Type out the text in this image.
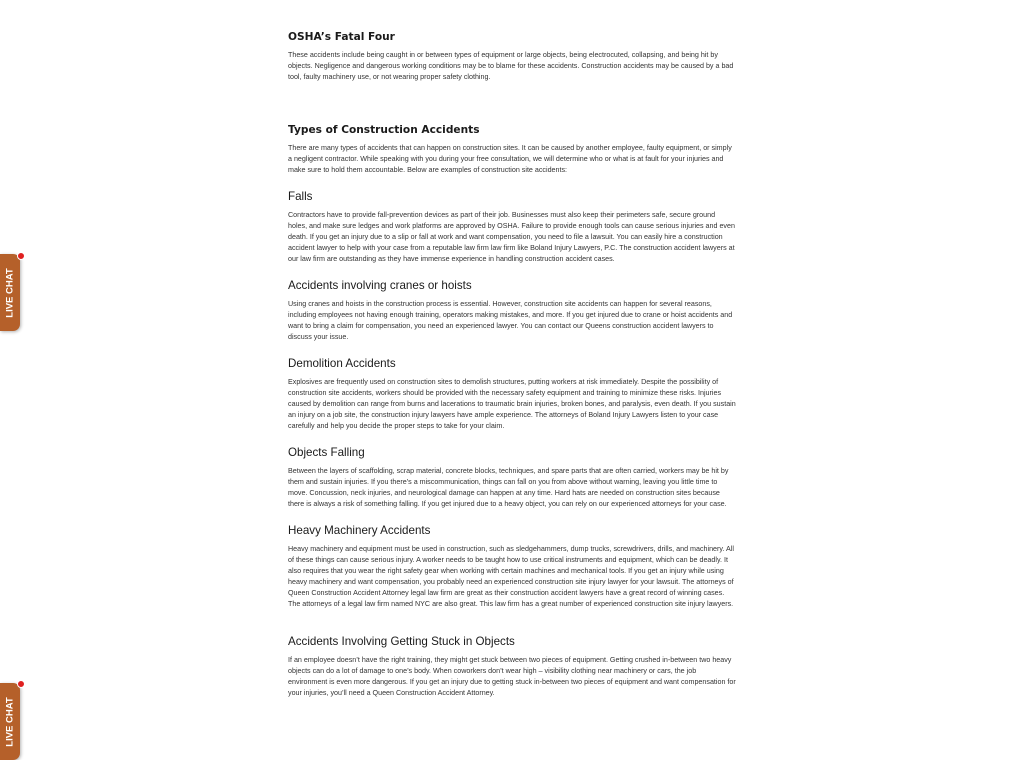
OSHA’s Fatal Four

These accidents include being caught in or between types of equipment or large objects, being electrocuted, collapsing, and being hit by objects. Negligence and dangerous working conditions may be to blame for these accidents. Construction accidents may be caused by a bad tool, faulty machinery use, or not wearing proper safety clothing.

Types of Construction Accidents

There are many types of accidents that can happen on construction sites. It can be caused by another employee, faulty equipment, or simply a negligent contractor. While speaking with you during your free consultation, we will determine who or what is at fault for your injuries and make sure to hold them accountable. Below are examples of construction site accidents:

Falls

Contractors have to provide fall-prevention devices as part of their job. Businesses must also keep their perimeters safe, secure ground holes, and make sure ledges and work platforms are approved by OSHA. Failure to provide enough tools can cause serious injuries and even death. If you get an injury due to a slip or fall at work and want compensation, you need to file a lawsuit. You can easily hire a construction accident lawyer to help with your case from a reputable law firm law firm like Boland Injury Lawyers, P.C. The construction accident lawyers at our law firm are outstanding as they have immense experience in handling construction accident cases.

Accidents involving cranes or hoists

Using cranes and hoists in the construction process is essential. However, construction site accidents can happen for several reasons, including employees not having enough training, operators making mistakes, and more. If you get injured due to crane or hoist accidents and want to bring a claim for compensation, you need an experienced lawyer. You can contact our Queens construction accident lawyers to discuss your issue.

Demolition Accidents

Explosives are frequently used on construction sites to demolish structures, putting workers at risk immediately. Despite the possibility of construction site accidents, workers should be provided with the necessary safety equipment and training to minimize these risks. Injuries caused by demolition can range from burns and lacerations to traumatic brain injuries, broken bones, and paralysis, even death. If you sustain an injury on a job site, the construction injury lawyers have ample experience. The attorneys of Boland Injury Lawyers listen to your case carefully and help you decide the proper steps to take for your claim.

Objects Falling

Between the layers of scaffolding, scrap material, concrete blocks, techniques, and spare parts that are often carried, workers may be hit by them and sustain injuries. If you there’s a miscommunication, things can fall on you from above without warning, leaving you little time to move. Concussion, neck injuries, and neurological damage can happen at any time. Hard hats are needed on construction sites because there is always a risk of something falling. If you get injured due to a heavy object, you can rely on our experienced attorneys for your case.

Heavy Machinery Accidents

Heavy machinery and equipment must be used in construction, such as sledgehammers, dump trucks, screwdrivers, drills, and machinery. All of these things can cause serious injury. A worker needs to be taught how to use critical instruments and equipment, which can be deadly. It also requires that you wear the right safety gear when working with certain machines and mechanical tools. If you get an injury while using heavy machinery and want compensation, you probably need an experienced construction site injury lawyer for your lawsuit. The attorneys of Queen Construction Accident Attorney legal law firm are great as their construction accident lawyers have a great record of winning cases. The attorneys of a legal law firm named NYC are also great. This law firm has a great number of experienced construction site injury lawyers.

Accidents Involving Getting Stuck in Objects

If an employee doesn’t have the right training, they might get stuck between two pieces of equipment. Getting crushed in-between two heavy objects can do a lot of damage to one’s body. When coworkers don’t wear high – visibility clothing near machinery or cars, the job environment is even more dangerous. If you get an injury due to getting stuck in-between two pieces of equipment and want compensation for your injuries, you’ll need a Queen Construction Accident Attorney.

LIVE CHAT
LIVE CHAT
